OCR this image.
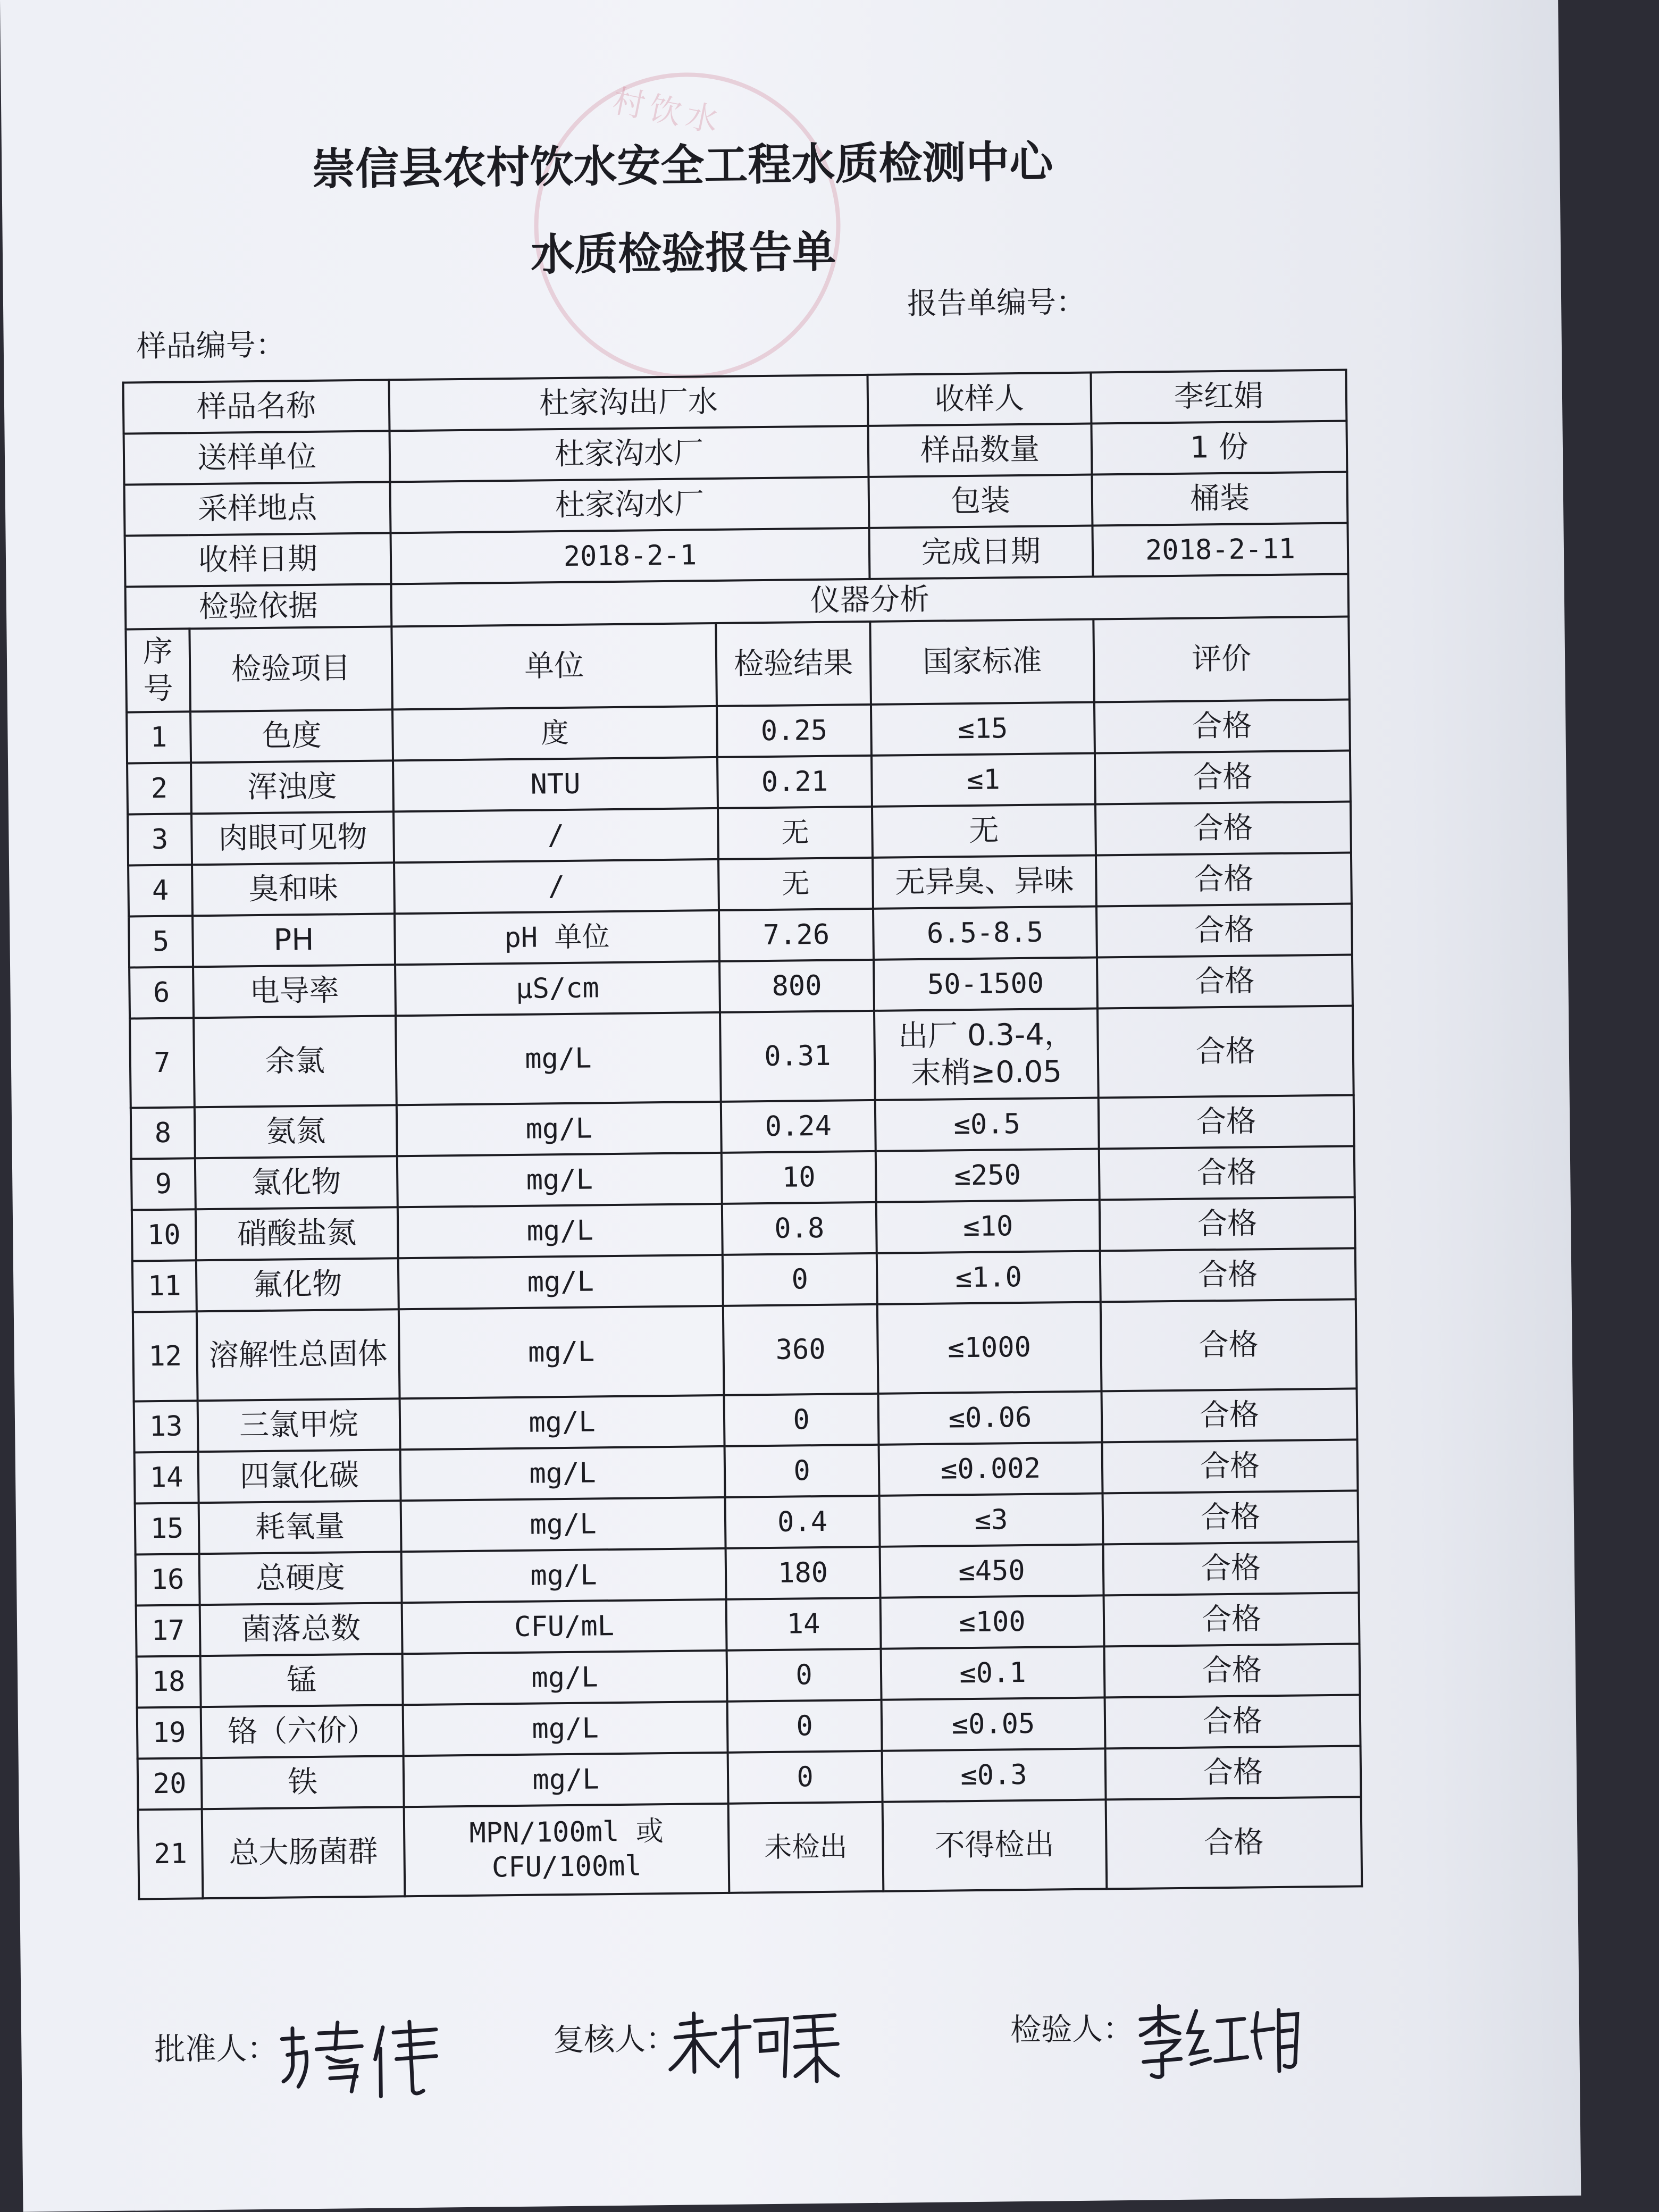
村饮水
崇信县农村饮水安全工程水质检测中心
水质检验报告单
报告单编号：
样品编号：
样品名称		杜家沟出厂水		收样人	李红娟
送样单位		杜家沟水厂		样品数量	1 份
采样地点		杜家沟水厂		包装	桶装
收样日期		2018-2-1		完成日期	2018-2-11
检验依据		仪器分析			
序号	检验项目	单位	检验结果	国家标准	评价
1	色度	度	0.25	≤15	合格
2	浑浊度	NTU	0.21	≤1	合格
3	肉眼可见物	/	无	无	合格
4	臭和味	/	无	无异臭、异味	合格
5	PH	pH 单位	7.26	6.5-8.5	合格
6	电导率	μS/cm	800	50-1500	合格
7	余氯	mg/L	0.31	出厂 0.3-4，
末梢≥0.05	合格
8	氨氮	mg/L	0.24	≤0.5	合格
9	氯化物	mg/L	10	≤250	合格
10	硝酸盐氮	mg/L	0.8	≤10	合格
11	氟化物	mg/L	0	≤1.0	合格
12	溶解性总固体	mg/L	360	≤1000	合格
13	三氯甲烷	mg/L	0	≤0.06	合格
14	四氯化碳	mg/L	0	≤0.002	合格
15	耗氧量	mg/L	0.4	≤3	合格
16	总硬度	mg/L	180	≤450	合格
17	菌落总数	CFU/mL	14	≤100	合格
18	锰	mg/L	0	≤0.1	合格
19	铬（六价）	mg/L	0	≤0.05	合格
20	铁	mg/L	0	≤0.3	合格
21	总大肠菌群	MPN/100ml 或
CFU/100ml	未检出	不得检出	合格
批准人：	复核人：	检验人：
